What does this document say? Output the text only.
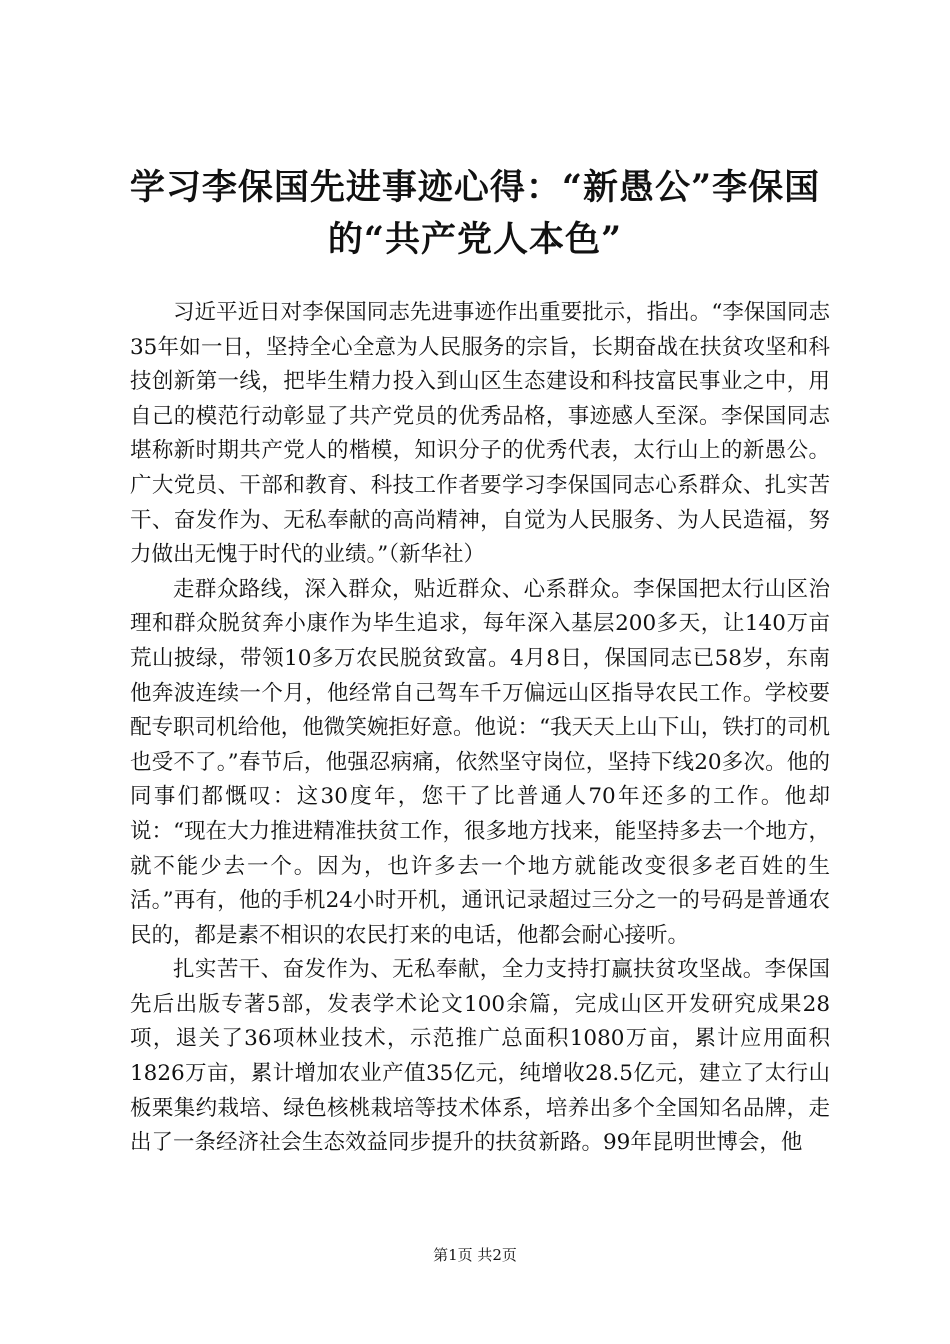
学习李保国先进事迹心得：“新愚公”李保国
的“共产党人本色”

习近平近日对李保国同志先进事迹作出重要批示，指出。“李保国同志35年如一日，坚持全心全意为人民服务的宗旨，长期奋战在扶贫攻坚和科技创新第一线，把毕生精力投入到山区生态建设和科技富民事业之中，用自己的模范行动彰显了共产党员的优秀品格，事迹感人至深。李保国同志堪称新时期共产党人的楷模，知识分子的优秀代表，太行山上的新愚公。广大党员、干部和教育、科技工作者要学习李保国同志心系群众、扎实苦干、奋发作为、无私奉献的高尚精神，自觉为人民服务、为人民造福，努力做出无愧于时代的业绩。”（新华社）

走群众路线，深入群众，贴近群众、心系群众。李保国把太行山区治理和群众脱贫奔小康作为毕生追求，每年深入基层200多天，让140万亩荒山披绿，带领10多万农民脱贫致富。4月8日，保国同志已58岁，东南他奔波连续一个月，他经常自己驾车千万偏远山区指导农民工作。学校要配专职司机给他，他微笑婉拒好意。他说：“我天天上山下山，铁打的司机也受不了。”春节后，他强忍病痛，依然坚守岗位，坚持下线20多次。他的同事们都慨叹：这30度年，您干了比普通人70年还多的工作。他却说：“现在大力推进精准扶贫工作，很多地方找来，能坚持多去一个地方，就不能少去一个。因为，也许多去一个地方就能改变很多老百姓的生活。”再有，他的手机24小时开机，通讯记录超过三分之一的号码是普通农民的，都是素不相识的农民打来的电话，他都会耐心接听。

扎实苦干、奋发作为、无私奉献，全力支持打赢扶贫攻坚战。李保国先后出版专著5部，发表学术论文100余篇，完成山区开发研究成果28项，退关了36项林业技术，示范推广总面积1080万亩，累计应用面积1826万亩，累计增加农业产值35亿元，纯增收28.5亿元，建立了太行山板栗集约栽培、绿色核桃栽培等技术体系，培养出多个全国知名品牌，走出了一条经济社会生态效益同步提升的扶贫新路。99年昆明世博会，他

第1页 共2页
